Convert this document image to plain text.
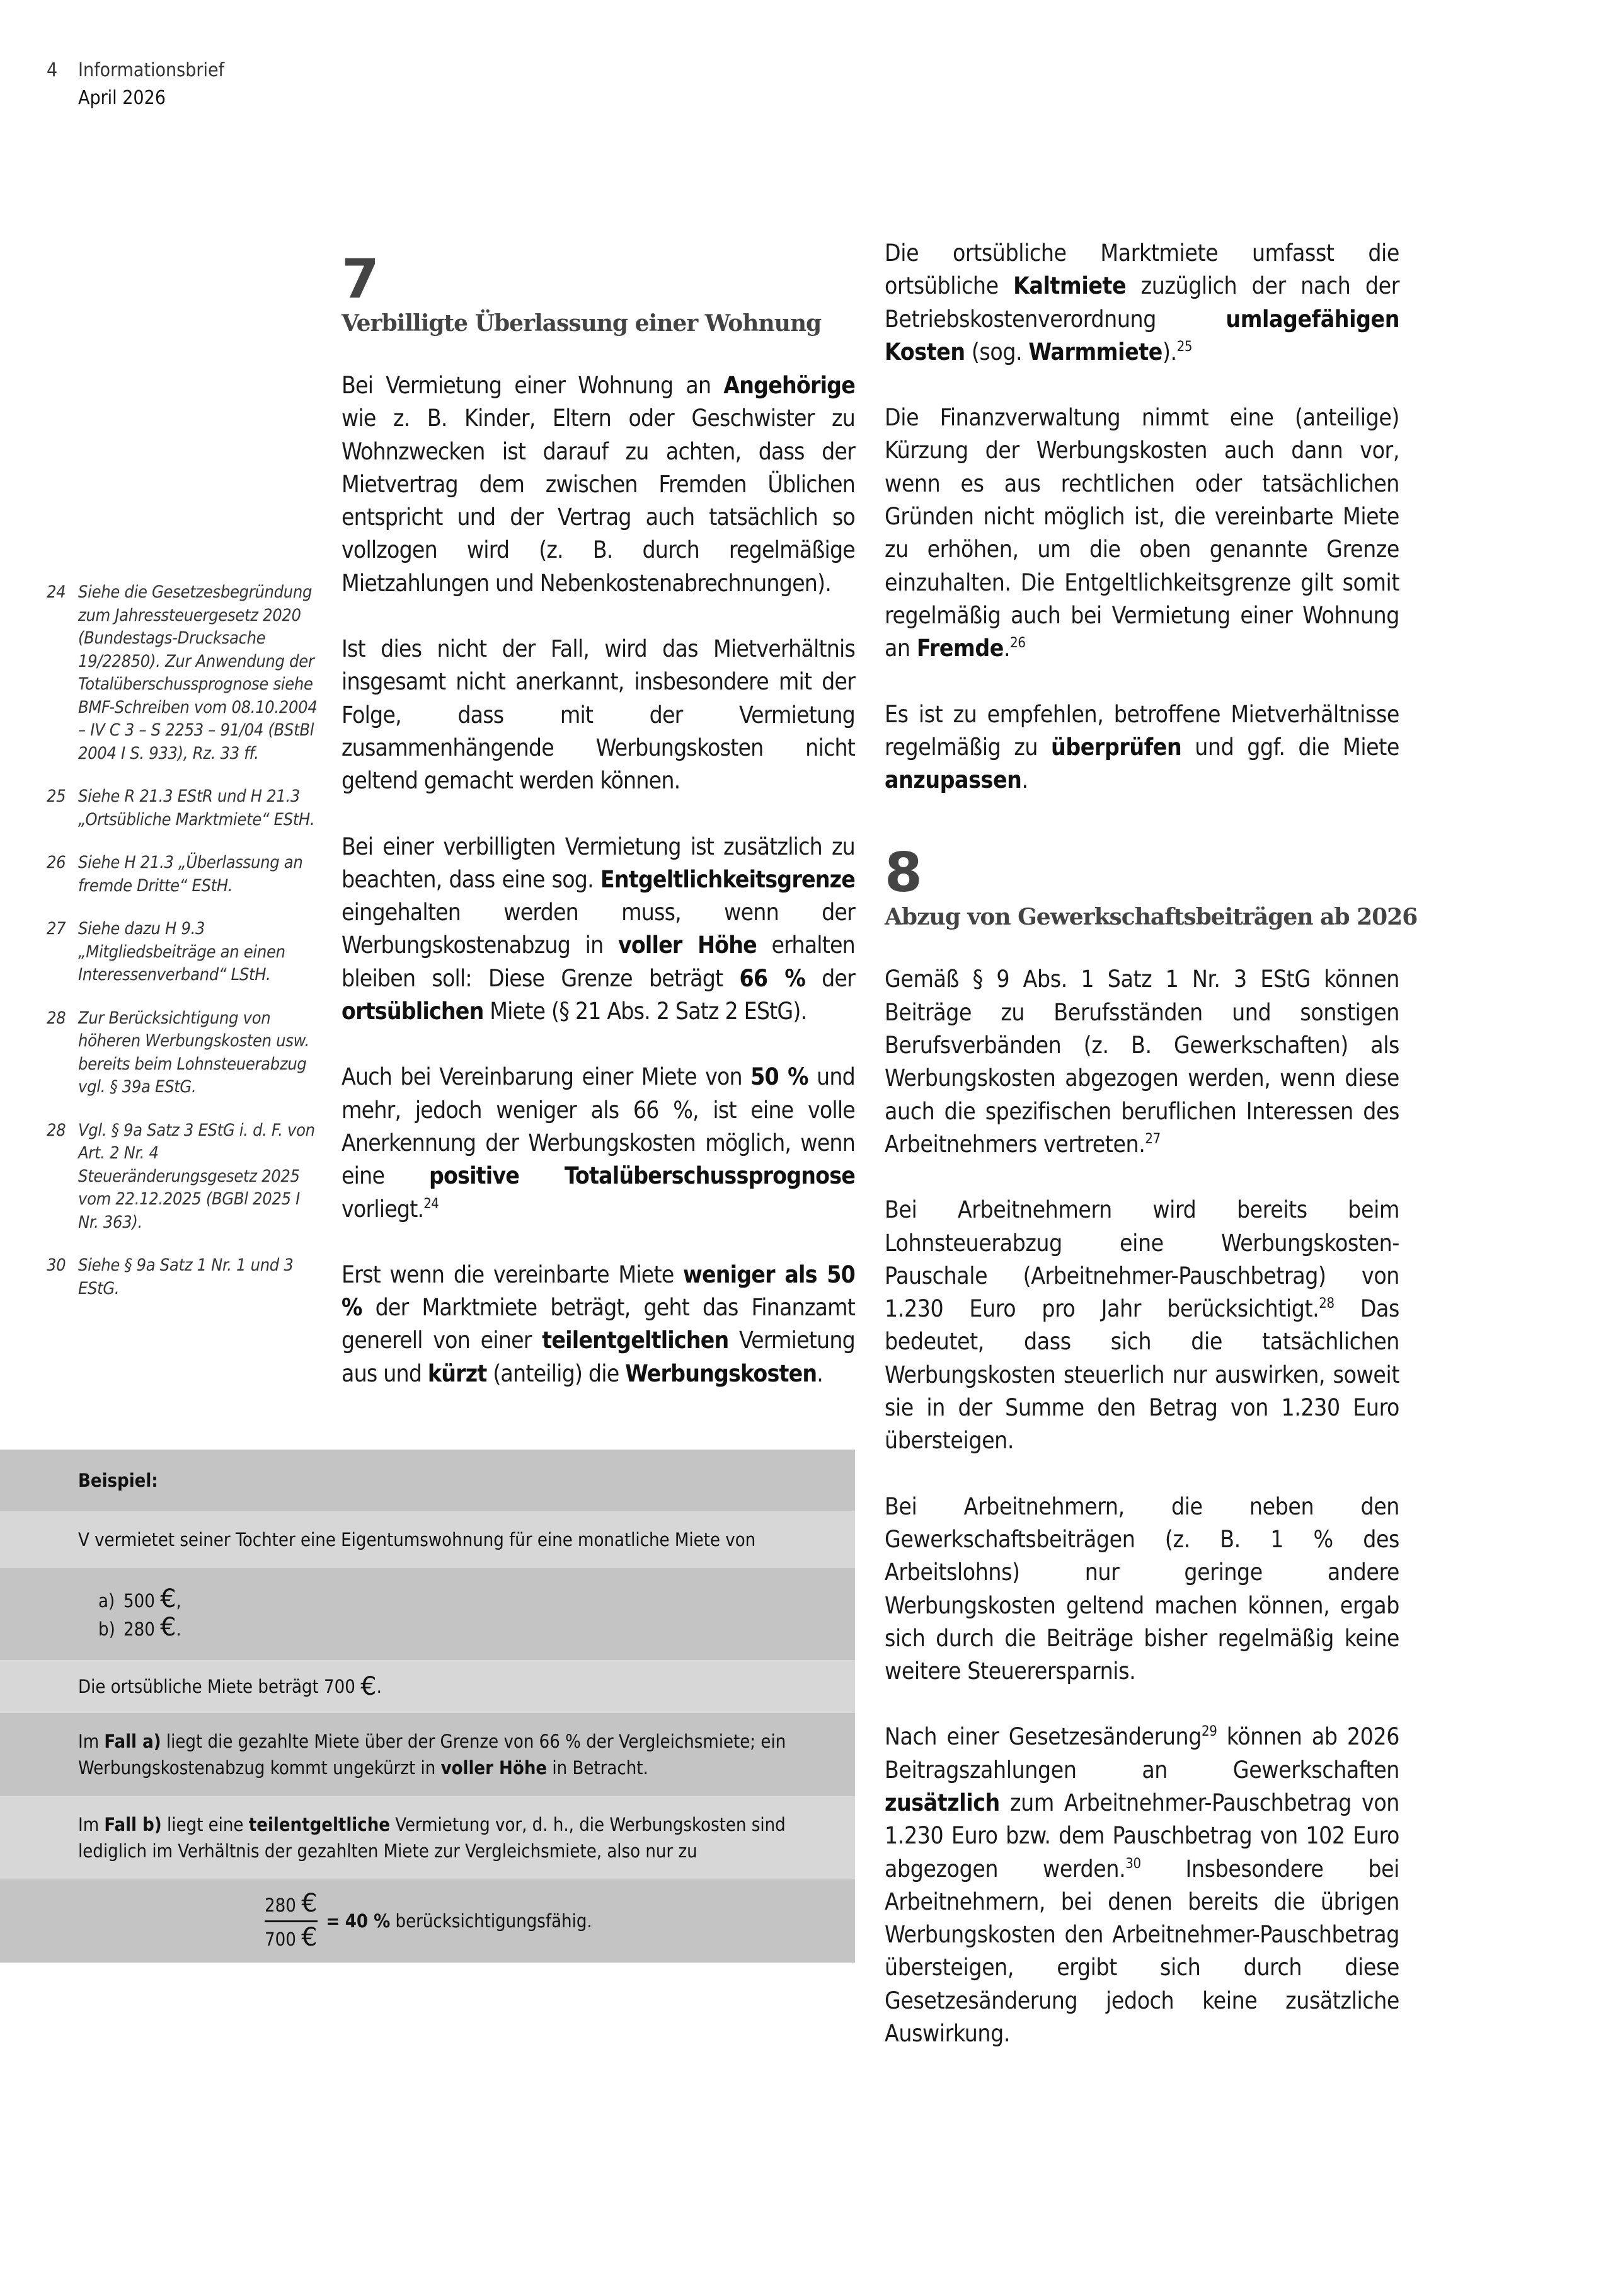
4 Informationsbrief
April 2026
24 Siehe die Gesetzesbegründung zum Jahressteuergesetz 2020 (Bundestags-Drucksache 19/22850). Zur Anwendung der Totalüberschussprognose siehe BMF-Schreiben vom 08.10.2004 – IV C 3 – S 2253 – 91/04 (BStBl 2004 I S. 933), Rz. 33 ff.
25 Siehe R 21.3 EStR und H 21.3 „Ortsübliche Marktmiete“ EStH.
26 Siehe H 21.3 „Überlassung an fremde Dritte“ EStH.
27 Siehe dazu H 9.3 „Mitgliedsbeiträge an einen Interessenverband“ LStH.
28 Zur Berücksichtigung von höheren Werbungskosten usw. bereits beim Lohnsteuerabzug vgl. § 39a EStG.
28 Vgl. § 9a Satz 3 EStG i. d. F. von Art. 2 Nr. 4 Steueränderungsgesetz 2025 vom 22.12.2025 (BGBl 2025 I Nr. 363).
30 Siehe § 9a Satz 1 Nr. 1 und 3 EStG.
7
Verbilligte Überlassung einer Wohnung

Bei Vermietung einer Wohnung an Angehörige wie z. B. Kinder, Eltern oder Geschwister zu Wohnzwecken ist darauf zu achten, dass der Mietvertrag dem zwischen Fremden Üblichen entspricht und der Vertrag auch tatsächlich so vollzogen wird (z. B. durch regelmäßige Mietzahlungen und Nebenkostenabrechnungen).

Ist dies nicht der Fall, wird das Mietverhältnis insgesamt nicht anerkannt, insbesondere mit der Folge, dass mit der Vermietung zusammenhängende Werbungskosten nicht geltend gemacht werden können.

Bei einer verbilligten Vermietung ist zusätzlich zu beachten, dass eine sog. Entgeltlichkeitsgrenze eingehalten werden muss, wenn der Werbungskostenabzug in voller Höhe erhalten bleiben soll: Diese Grenze beträgt 66 % der ortsüblichen Miete (§ 21 Abs. 2 Satz 2 EStG).

Auch bei Vereinbarung einer Miete von 50 % und mehr, jedoch weniger als 66 %, ist eine volle Anerkennung der Werbungskosten möglich, wenn eine positive Totalüberschussprognose vorliegt.$^{24}$

Erst wenn die vereinbarte Miete weniger als 50 % der Marktmiete beträgt, geht das Finanzamt generell von einer teilentgeltlichen Vermietung aus und kürzt (anteilig) die Werbungskosten.

Die ortsübliche Marktmiete umfasst die ortsübliche Kaltmiete zuzüglich der nach der Betriebskostenverordnung umlagefähigen Kosten (sog. Warmmiete).$^{25}$

Die Finanzverwaltung nimmt eine (anteilige) Kürzung der Werbungskosten auch dann vor, wenn es aus rechtlichen oder tatsächlichen Gründen nicht möglich ist, die vereinbarte Miete zu erhöhen, um die oben genannte Grenze einzuhalten. Die Entgeltlichkeitsgrenze gilt somit regelmäßig auch bei Vermietung einer Wohnung an Fremde.$^{26}$

Es ist zu empfehlen, betroffene Mietverhältnisse regelmäßig zu überprüfen und ggf. die Miete anzupassen.

8
Abzug von Gewerkschaftsbeiträgen ab 2026

Gemäß § 9 Abs. 1 Satz 1 Nr. 3 EStG können Beiträge zu Berufsständen und sonstigen Berufsverbänden (z. B. Gewerkschaften) als Werbungskosten abgezogen werden, wenn diese auch die spezifischen beruflichen Interessen des Arbeitnehmers vertreten.$^{27}$

Bei Arbeitnehmern wird bereits beim Lohnsteuerabzug eine Werbungskosten-Pauschale (Arbeitnehmer-Pauschbetrag) von 1.230 Euro pro Jahr berücksichtigt.$^{28}$ Das bedeutet, dass sich die tatsächlichen Werbungskosten steuerlich nur auswirken, soweit sie in der Summe den Betrag von 1.230 Euro übersteigen.

Bei Arbeitnehmern, die neben den Gewerkschaftsbeiträgen (z. B. 1 % des Arbeitslohns) nur geringe andere Werbungskosten geltend machen können, ergab sich durch die Beiträge bisher regelmäßig keine weitere Steuerersparnis.

Nach einer Gesetzesänderung$^{29}$ können ab 2026 Beitragszahlungen an Gewerkschaften zusätzlich zum Arbeitnehmer-Pauschbetrag von 1.230 Euro bzw. dem Pauschbetrag von 102 Euro abgezogen werden.$^{30}$ Insbesondere bei Arbeitnehmern, bei denen bereits die übrigen Werbungskosten den Arbeitnehmer-Pauschbetrag übersteigen, ergibt sich durch diese Gesetzesänderung jedoch keine zusätzliche Auswirkung.

Beispiel:
V vermietet seiner Tochter eine Eigentumswohnung für eine monatliche Miete von
a) 500 €,
b) 280 €.
Die ortsübliche Miete beträgt 700
€ .
Im Fall a) liegt die gezahlte Miete über der Grenze von 66 % der Vergleichsmiete; ein Werbungskostenabzug kommt ungekürzt in voller Höhe in Betracht.
Im Fall b) liegt eine teilentgeltliche Vermietung vor, d. h., die Werbungskosten sind lediglich im Verhältnis der gezahlten Miete zur Vergleichsmiete, also nur zu
$\frac{280 €}{700 €}$ =
40 %
berücksichtigungsfähig.
